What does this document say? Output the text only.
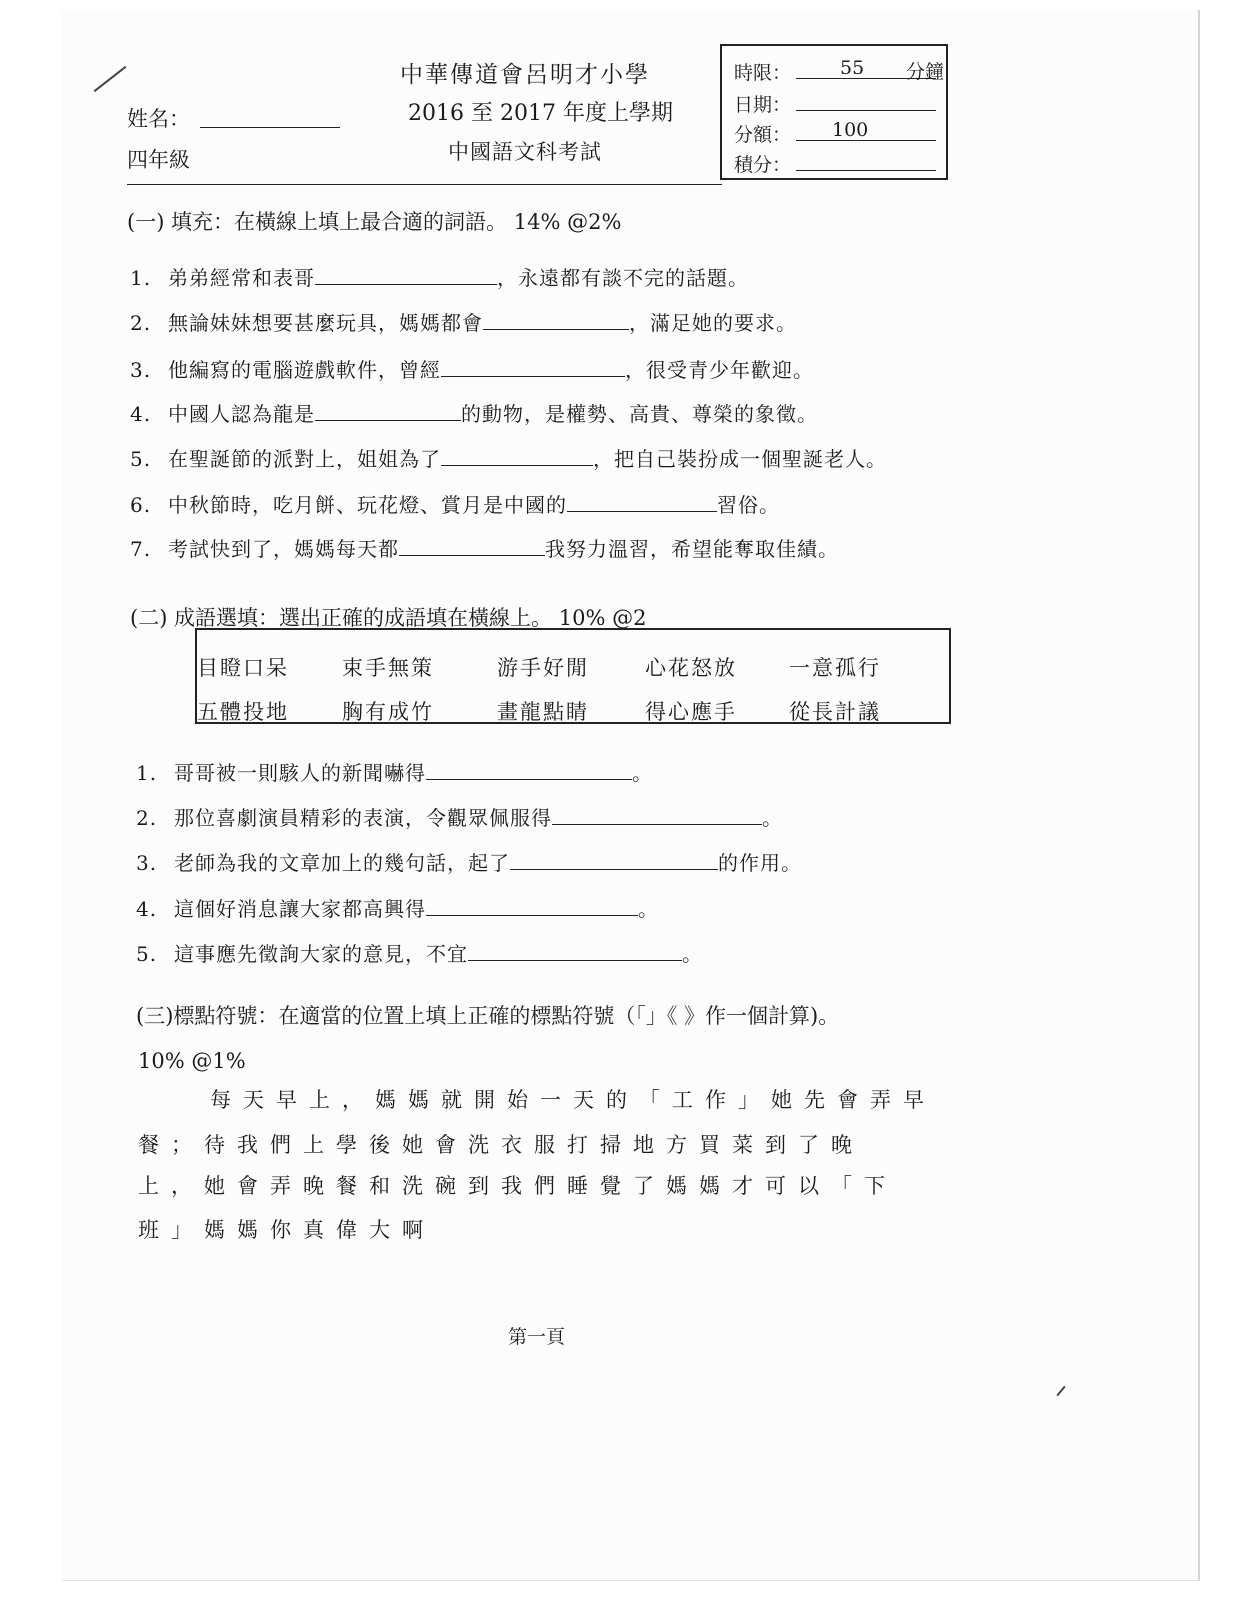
中華傳道會呂明才小學
2016 至 2017 年度上學期
中國語文科考試
姓名：
四年級
時限：	55 分鐘
日期：
分額： 100
積分：
(一) 填充：在橫線上填上最合適的詞語。 14% @2%
1. 弟弟經常和表哥	，永遠都有談不完的話題。
2. 無論妹妹想要甚麼玩具，媽媽都會	，滿足她的要求。
3. 他編寫的電腦遊戲軟件，曾經	，很受青少年歡迎。
4. 中國人認為龍是	的動物，是權勢、高貴、尊榮的象徵。
5. 在聖誕節的派對上，姐姐為了	，把自己裝扮成一個聖誕老人。
6. 中秋節時，吃月餅、玩花燈、賞月是中國的	習俗。
7. 考試快到了，媽媽每天都	我努力溫習，希望能奪取佳績。
(二) 成語選填：選出正確的成語填在橫線上。 10% @2
目瞪口呆	束手無策	游手好閒	心花怒放 一意孤行
五體投地	胸有成竹	畫龍點睛	得心應手 從長計議
1. 哥哥被一則駭人的新聞嚇得	。
2. 那位喜劇演員精彩的表演，令觀眾佩服得	。
3. 老師為我的文章加上的幾句話，起了	的作用。
4. 這個好消息讓大家都高興得	。
5. 這事應先徵詢大家的意見，不宜	。
(三)標點符號：在適當的位置上填上正確的標點符號（「」《 》作一個計算)。
10% @1%
每天早上，媽媽就開始一天的「工作」她先會弄早
餐；待我們上學後她會洗衣服打掃地方買菜到了晚
上，她會弄晚餐和洗碗到我們睡覺了媽媽才可以「下
班」媽媽你真偉大啊
第一頁
